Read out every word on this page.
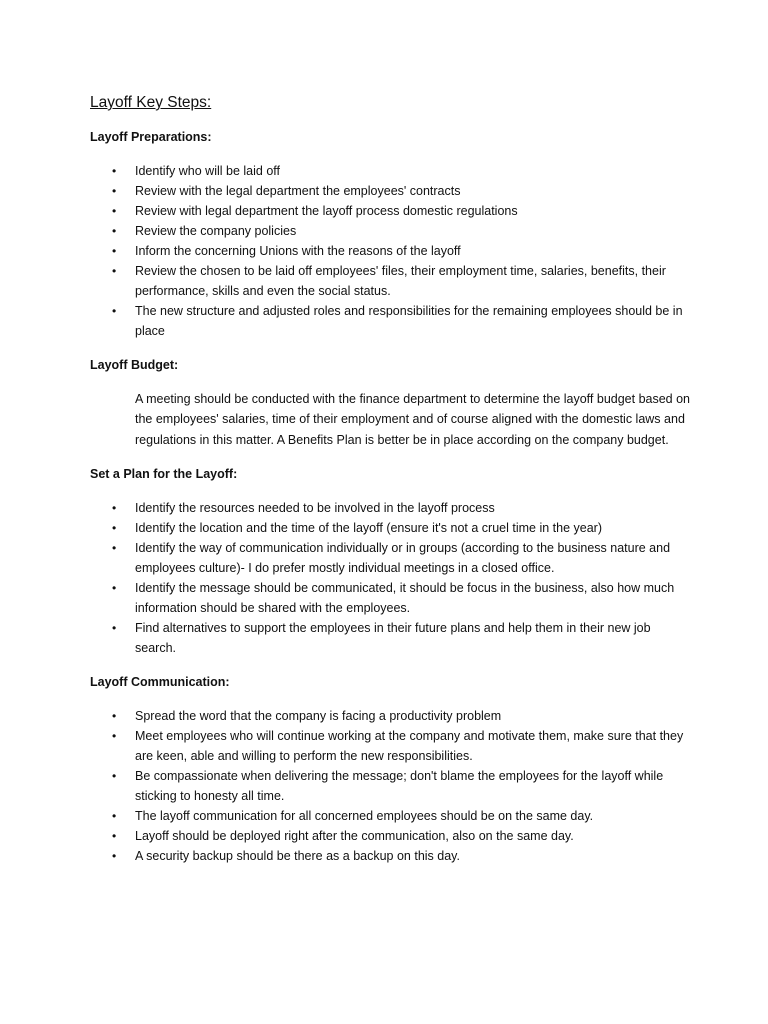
Layoff Key Steps:
Layoff Preparations:
• Identify who will be laid off
• Review with the legal department the employees' contracts
• Review with legal department the layoff process domestic regulations
• Review the company policies
• Inform the concerning Unions with the reasons of the layoff
• Review the chosen to be laid off employees' files, their employment time, salaries, benefits, their performance, skills and even the social status.
• The new structure and adjusted roles and responsibilities for the remaining employees should be in place
Layoff Budget:

A meeting should be conducted with the finance department to determine the layoff budget based on the employees' salaries, time of their employment and of course aligned with the domestic laws and regulations in this matter. A Benefits Plan is better be in place according on the company budget.

Set a Plan for the Layoff:
• Identify the resources needed to be involved in the layoff process
• Identify the location and the time of the layoff (ensure it's not a cruel time in the year)
• Identify the way of communication individually or in groups (according to the business nature and employees culture)- I do prefer mostly individual meetings in a closed office.
• Identify the message should be communicated, it should be focus in the business, also how much information should be shared with the employees.
• Find alternatives to support the employees in their future plans and help them in their new job search.
Layoff Communication:
• Spread the word that the company is facing a productivity problem
• Meet employees who will continue working at the company and motivate them, make sure that they are keen, able and willing to perform the new responsibilities.
• Be compassionate when delivering the message; don't blame the employees for the layoff while sticking to honesty all time.
• The layoff communication for all concerned employees should be on the same day.
• Layoff should be deployed right after the communication, also on the same day.
• A security backup should be there as a backup on this day.
